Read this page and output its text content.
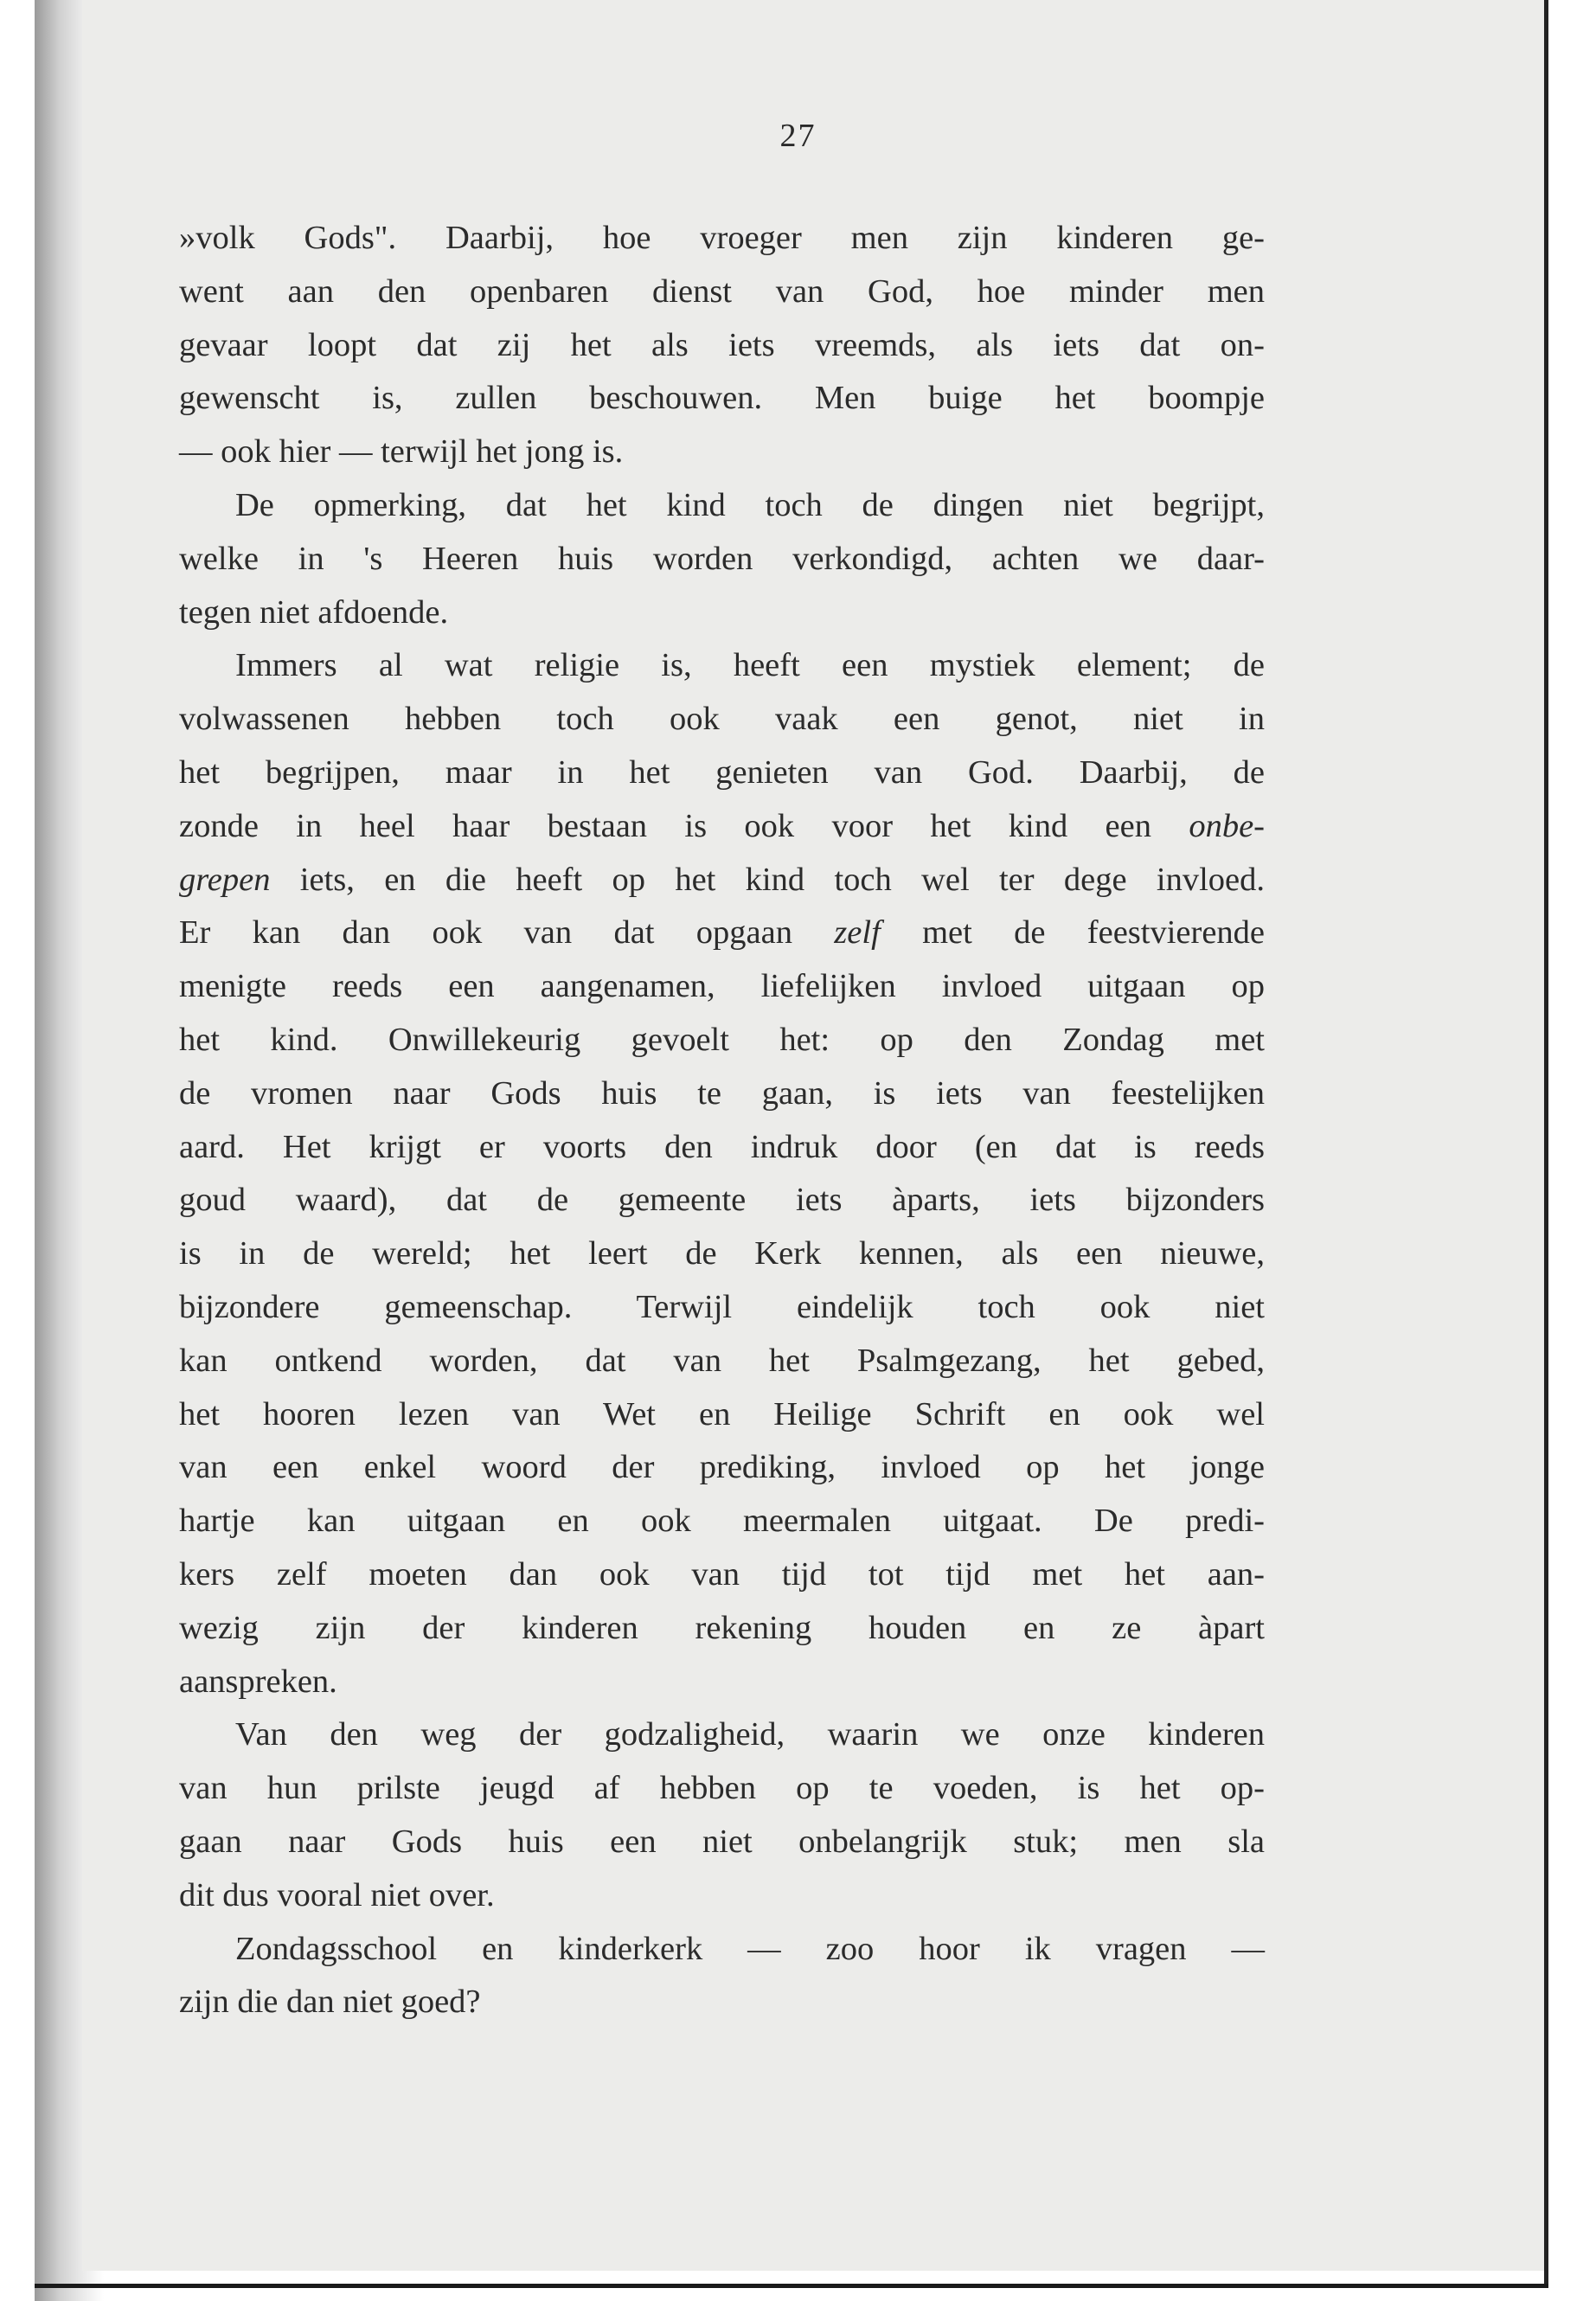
27
»volk Gods". Daarbij, hoe vroeger men zijn kinderen ge-
went aan den openbaren dienst van God, hoe minder men
gevaar loopt dat zij het als iets vreemds, als iets dat on-
gewenscht is, zullen beschouwen. Men buige het boompje
— ook hier — terwijl het jong is.
De opmerking, dat het kind toch de dingen niet begrijpt,
welke in 's Heeren huis worden verkondigd, achten we daar-
tegen niet afdoende.
Immers al wat religie is, heeft een mystiek element; de
volwassenen hebben toch ook vaak een genot, niet in
het begrijpen, maar in het genieten van God. Daarbij, de
zonde in heel haar bestaan is ook voor het kind een onbe-
grepen iets, en die heeft op het kind toch wel ter dege invloed.
Er kan dan ook van dat opgaan zelf met de feestvierende
menigte reeds een aangenamen, liefelijken invloed uitgaan op
het kind. Onwillekeurig gevoelt het: op den Zondag met
de vromen naar Gods huis te gaan, is iets van feestelijken
aard. Het krijgt er voorts den indruk door (en dat is reeds
goud waard), dat de gemeente iets àparts, iets bijzonders
is in de wereld; het leert de Kerk kennen, als een nieuwe,
bijzondere gemeenschap. Terwijl eindelijk toch ook niet
kan ontkend worden, dat van het Psalmgezang, het gebed,
het hooren lezen van Wet en Heilige Schrift en ook wel
van een enkel woord der prediking, invloed op het jonge
hartje kan uitgaan en ook meermalen uitgaat. De predi-
kers zelf moeten dan ook van tijd tot tijd met het aan-
wezig zijn der kinderen rekening houden en ze àpart
aanspreken.
Van den weg der godzaligheid, waarin we onze kinderen
van hun prilste jeugd af hebben op te voeden, is het op-
gaan naar Gods huis een niet onbelangrijk stuk; men sla
dit dus vooral niet over.
Zondagsschool en kinderkerk — zoo hoor ik vragen —
zijn die dan niet goed?
